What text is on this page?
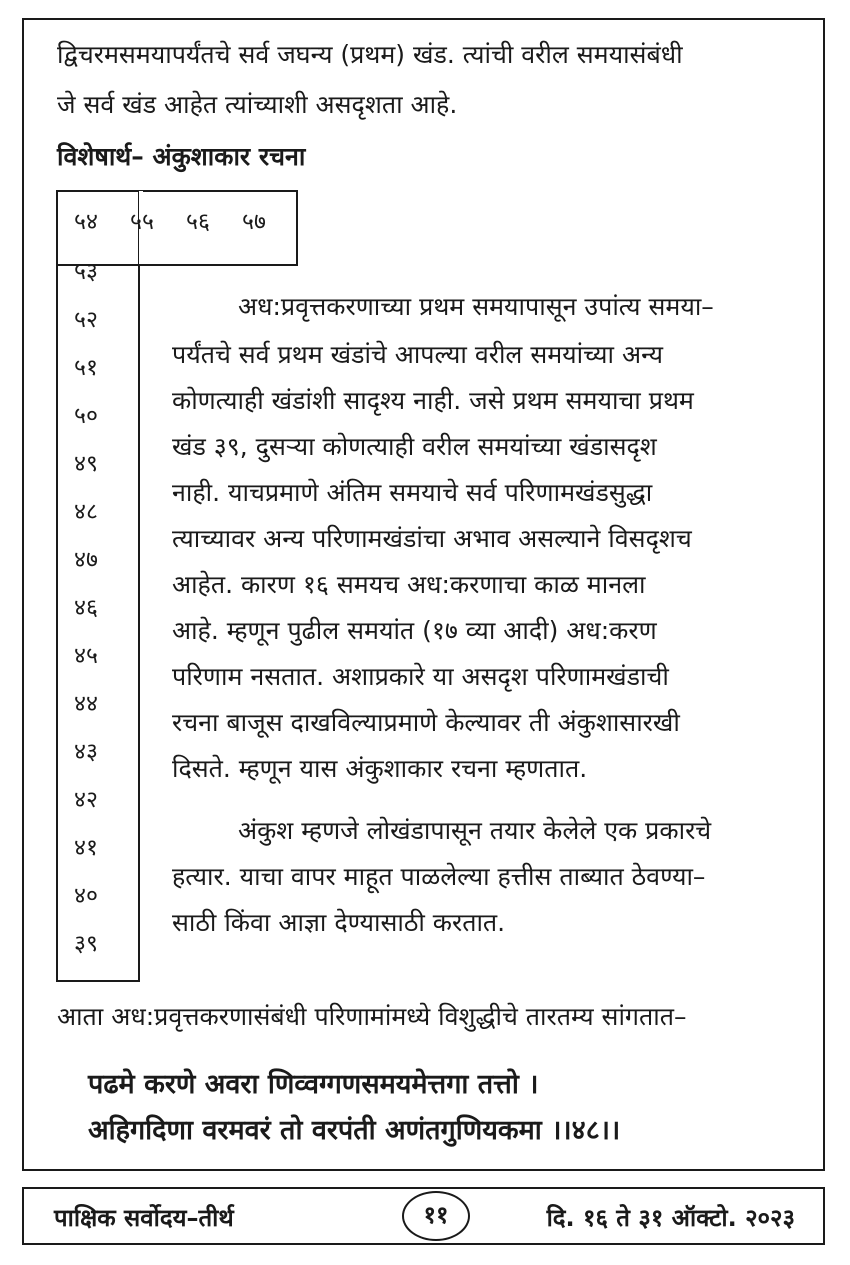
द्विचरमसमयापर्यंतचे सर्व जघन्य (प्रथम) खंड. त्यांची वरील समयासंबंधी
जे सर्व खंड आहेत त्यांच्याशी असदृशता आहे.
विशेषार्थ– अंकुशाकार रचना
५४ ५५ ५६ ५७
५३
५२
५१
५०
४९
४८
४७
४६
४५
४४
४३
४२
४१
४०
३९
अध:प्रवृत्तकरणाच्या प्रथम समयापासून उपांत्य समया–
पर्यंतचे सर्व प्रथम खंडांचे आपल्या वरील समयांच्या अन्य
कोणत्याही खंडांशी सादृश्य नाही. जसे प्रथम समयाचा प्रथम
खंड ३९, दुसऱ्या कोणत्याही वरील समयांच्या खंडासदृश
नाही. याचप्रमाणे अंतिम समयाचे सर्व परिणामखंडसुद्धा
त्याच्यावर अन्य परिणामखंडांचा अभाव असल्याने विसदृशच
आहेत. कारण १६ समयच अध:करणाचा काळ मानला
आहे. म्हणून पुढील समयांत (१७ व्या आदी) अध:करण
परिणाम नसतात. अशाप्रकारे या असदृश परिणामखंडाची
रचना बाजूस दाखविल्याप्रमाणे केल्यावर ती अंकुशासारखी
दिसते. म्हणून यास अंकुशाकार रचना म्हणतात.
अंकुश म्हणजे लोखंडापासून तयार केलेले एक प्रकारचे
हत्यार. याचा वापर माहूत पाळलेल्या हत्तीस ताब्यात ठेवण्या–
साठी किंवा आज्ञा देण्यासाठी करतात.
आता अध:प्रवृत्तकरणासंबंधी परिणामांमध्ये विशुद्धीचे तारतम्य सांगतात–
पढमे करणे अवरा णिव्वग्गणसमयमेत्तगा तत्तो ।
अहिगदिणा वरमवरं तो वरपंती अणंतगुणियकमा ।।४८।।
पाक्षिक सर्वोदय–तीर्थ	११	दि. १६ ते ३१ ऑक्टो. २०२३
